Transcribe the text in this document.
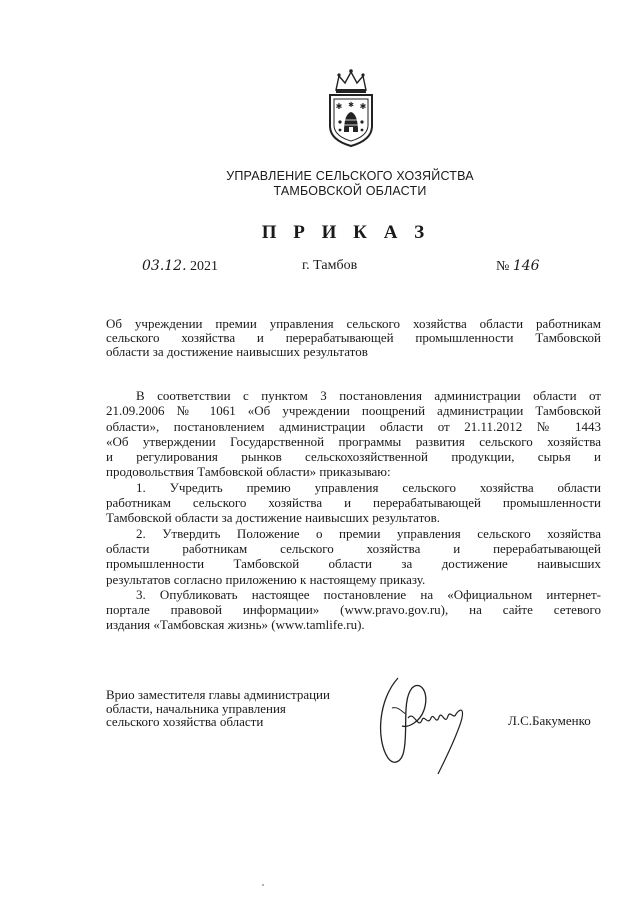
✱ ✱
✱
УПРАВЛЕНИЕ СЕЛЬСКОГО ХОЗЯЙСТВА
ТАМБОВСКОЙ ОБЛАСТИ
П Р И К А З
03.12. 2021	г. Тамбов	№ 146
Об учреждении премии управления сельского хозяйства области работникам
сельского хозяйства и перерабатывающей промышленности Тамбовской
области за достижение наивысших результатов
В соответствии с пунктом 3 постановления администрации области от
21.09.2006 № 1061 «Об учреждении поощрений администрации Тамбовской
области», постановлением администрации области от 21.11.2012 № 1443
«Об утверждении Государственной программы развития сельского хозяйства
и регулирования рынков сельскохозяйственной продукции, сырья и
продовольствия Тамбовской области» приказываю:
1. Учредить премию управления сельского хозяйства области
работникам сельского хозяйства и перерабатывающей промышленности
Тамбовской области за достижение наивысших результатов.
2. Утвердить Положение о премии управления сельского хозяйства
области работникам сельского хозяйства и перерабатывающей
промышленности Тамбовской области за достижение наивысших
результатов согласно приложению к настоящему приказу.
3. Опубликовать настоящее постановление на «Официальном интернет-
портале правовой информации» (www.pravo.gov.ru), на сайте сетевого
издания «Тамбовская жизнь» (www.tamlife.ru).
Врио заместителя главы администрации
области, начальника управления
сельского хозяйства области	Л.С.Бакуменко
